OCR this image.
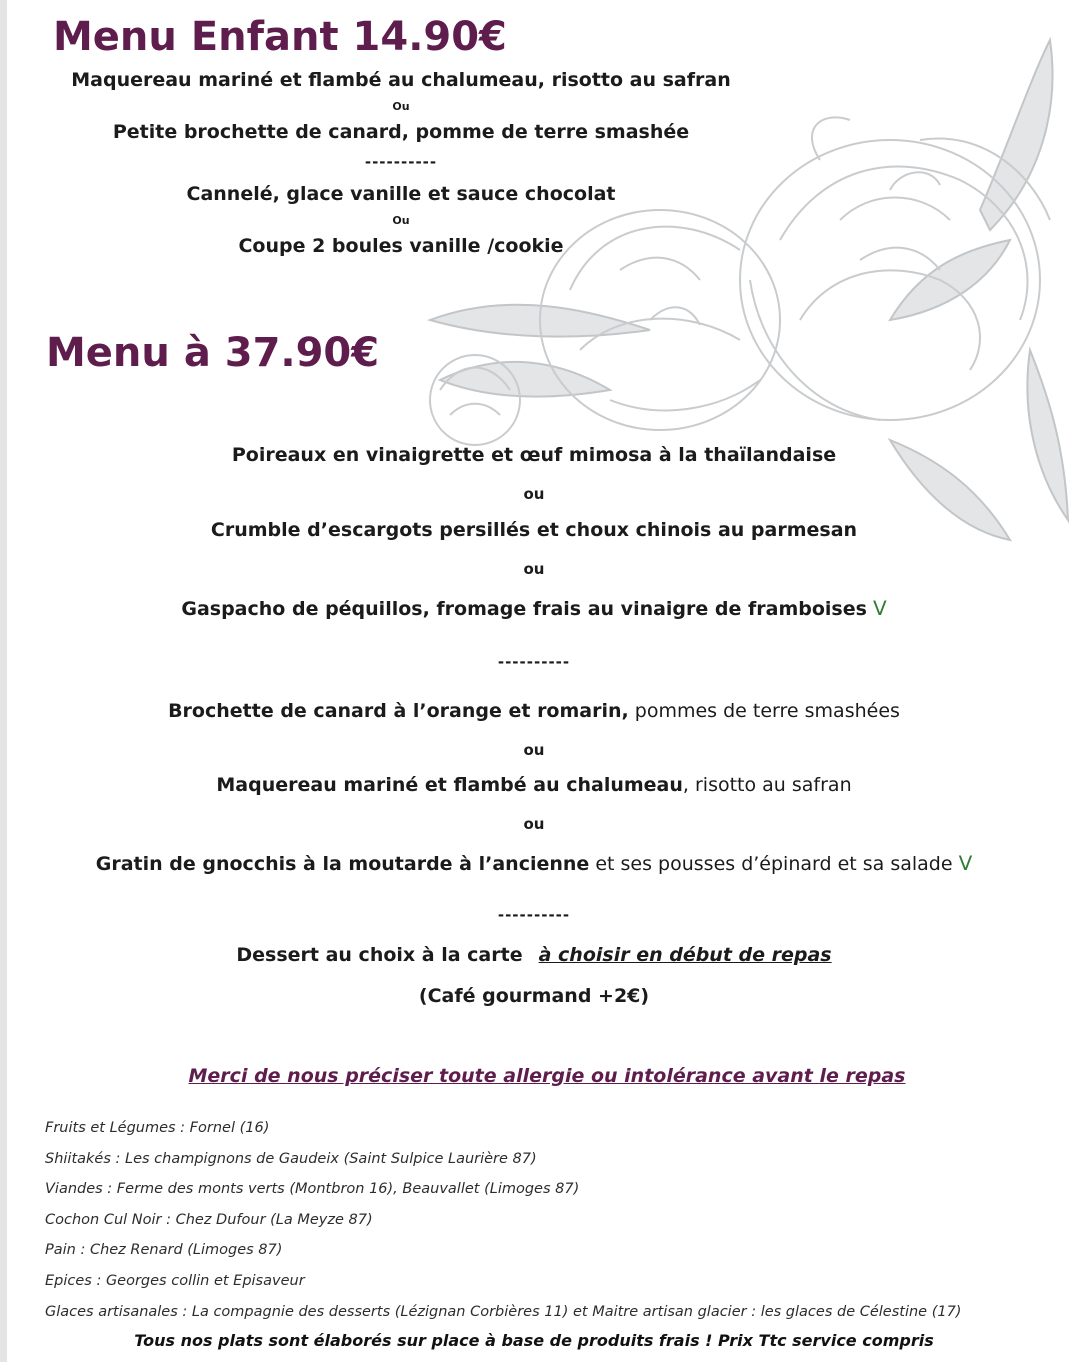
Menu Enfant 14.90€
Maquereau mariné et flambé au chalumeau, risotto au safran
Ou
Petite brochette de canard, pomme de terre smashée
----------
Cannelé, glace vanille et sauce chocolat
Ou
Coupe 2 boules vanille /cookie
Menu à 37.90€
Poireaux en vinaigrette et œuf mimosa à la thaïlandaise
ou
Crumble d’escargots persillés et choux chinois au parmesan
ou
Gaspacho de péquillos, fromage frais au vinaigre de framboises ᐯ
----------
Brochette de canard à l’orange et romarin, pommes de terre smashées
ou
Maquereau mariné et flambé au chalumeau, risotto au safran
ou
Gratin de gnocchis à la moutarde à l’ancienne et ses pousses d’épinard et sa salade ᐯ
----------
Dessert au choix à la carte à choisir en début de repas
(Café gourmand +2€)
Merci de nous préciser toute allergie ou intolérance avant le repas
Fruits et Légumes : Fornel (16)
Shiitakés : Les champignons de Gaudeix (Saint Sulpice Laurière 87)
Viandes : Ferme des monts verts (Montbron 16), Beauvallet (Limoges 87)
Cochon Cul Noir : Chez Dufour (La Meyze 87)
Pain : Chez Renard (Limoges 87)
Epices : Georges collin et Episaveur
Glaces artisanales : La compagnie des desserts (Lézignan Corbières 11) et Maitre artisan glacier : les glaces de Célestine (17)
Tous nos plats sont élaborés sur place à base de produits frais ! Prix Ttc service compris
